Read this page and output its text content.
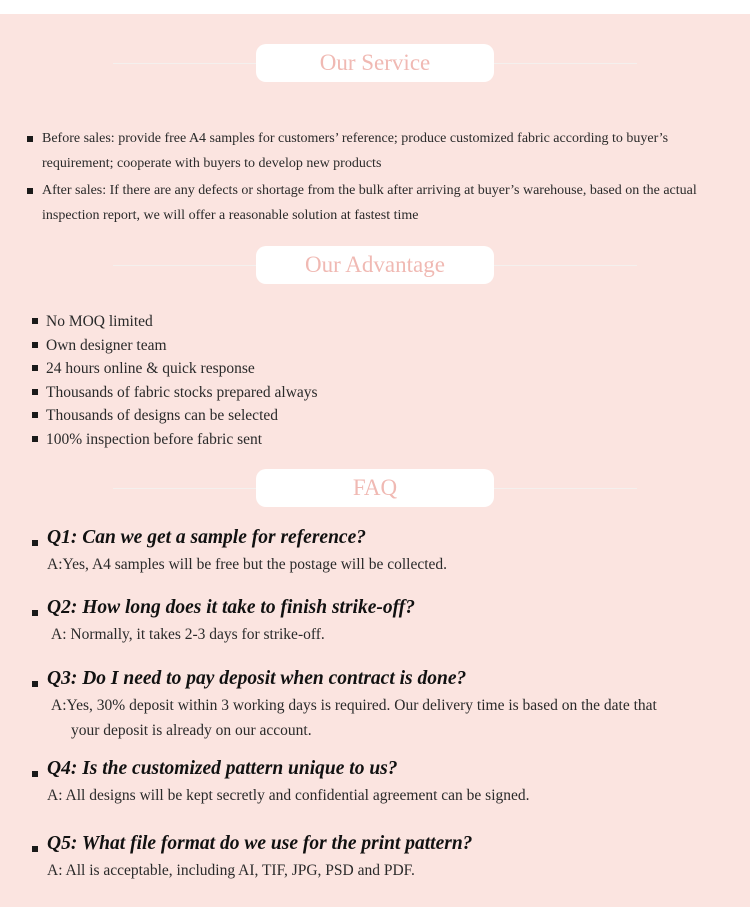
Our Service
Before sales: provide free A4 samples for customers’ reference; produce customized fabric according to buyer’s
requirement; cooperate with buyers to develop new products
After sales: If there are any defects or shortage from the bulk after arriving at buyer’s warehouse, based on the actual
inspection report, we will offer a reasonable solution at fastest time
Our Advantage
No MOQ limited
Own designer team
24 hours online & quick response
Thousands of fabric stocks prepared always
Thousands of designs can be selected
100% inspection before fabric sent
FAQ
Q1: Can we get a sample for reference?
A:Yes, A4 samples will be free but the postage will be collected.
Q2: How long does it take to finish strike-off?
A: Normally, it takes 2-3 days for strike-off.
Q3: Do I need to pay deposit when contract is done?
A:Yes, 30% deposit within 3 working days is required. Our delivery time is based on the date that
your deposit is already on our account.
Q4: Is the customized pattern unique to us?
A: All designs will be kept secretly and confidential agreement can be signed.
Q5: What file format do we use for the print pattern?
A: All is acceptable, including AI, TIF, JPG, PSD and PDF.
